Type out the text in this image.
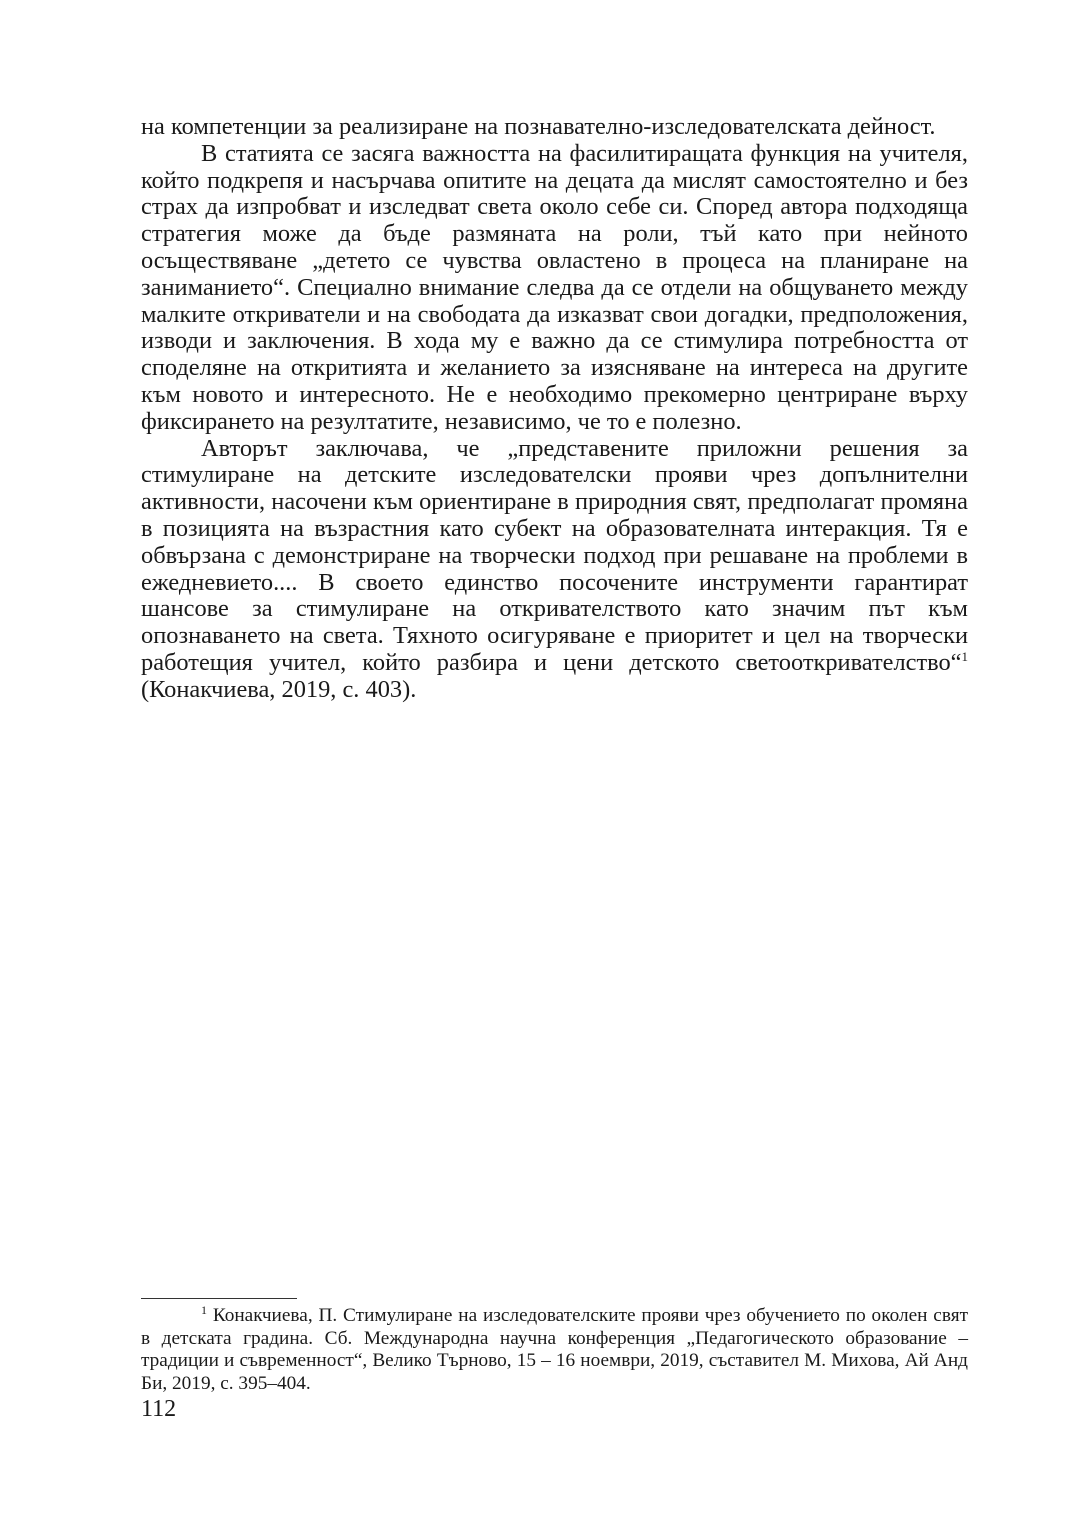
на компетенции за реализиране на познавателно-изследователската дейност.

В статията се засяга важността на фасилитиращата функция на учителя, който подкрепя и насърчава опитите на децата да мислят самостоятелно и без страх да изпробват и изследват света около себе си. Според автора подходяща стратегия може да бъде размяната на роли, тъй като при нейното осъществяване „детето се чувства овластено в процеса на планиране на заниманието“. Специално внимание следва да се отдели на общуването между малките откриватели и на свободата да изказват свои догадки, предположения, изводи и заключения. В хода му е важно да се стимулира потребността от споделяне на откритията и желанието за изясняване на интереса на другите към новото и интересното. Не е необходимо прекомерно центриране върху фиксирането на резултатите, независимо, че то е полезно.

Авторът заключава, че „представените приложни решения за стимулиране на детските изследователски прояви чрез допълнителни активности, насочени към ориентиране в природния свят, предполагат промяна в позицията на възрастния като субект на образователната интеракция. Тя е обвързана с демонстриране на творчески подход при решаване на проблеми в ежедневието.... В своето единство посочените инструменти гарантират шансове за стимулиране на откривателството като значим път към опознаването на света. Тяхното осигуряване е приоритет и цел на творчески работещия учител, който разбира и цени детското светооткривателство“$^1$ (Конакчиева, 2019, с. 403).

$^1$ Конакчиева, П. Стимулиране на изследователските прояви чрез обучението по околен свят в детската градина. Сб. Международна научна конференция „Педагогическото образование – традиции и съвременност“, Велико Търново, 15 – 16 ноември, 2019, съставител М. Михова, Ай Анд Би, 2019, с. 395–404.

112
